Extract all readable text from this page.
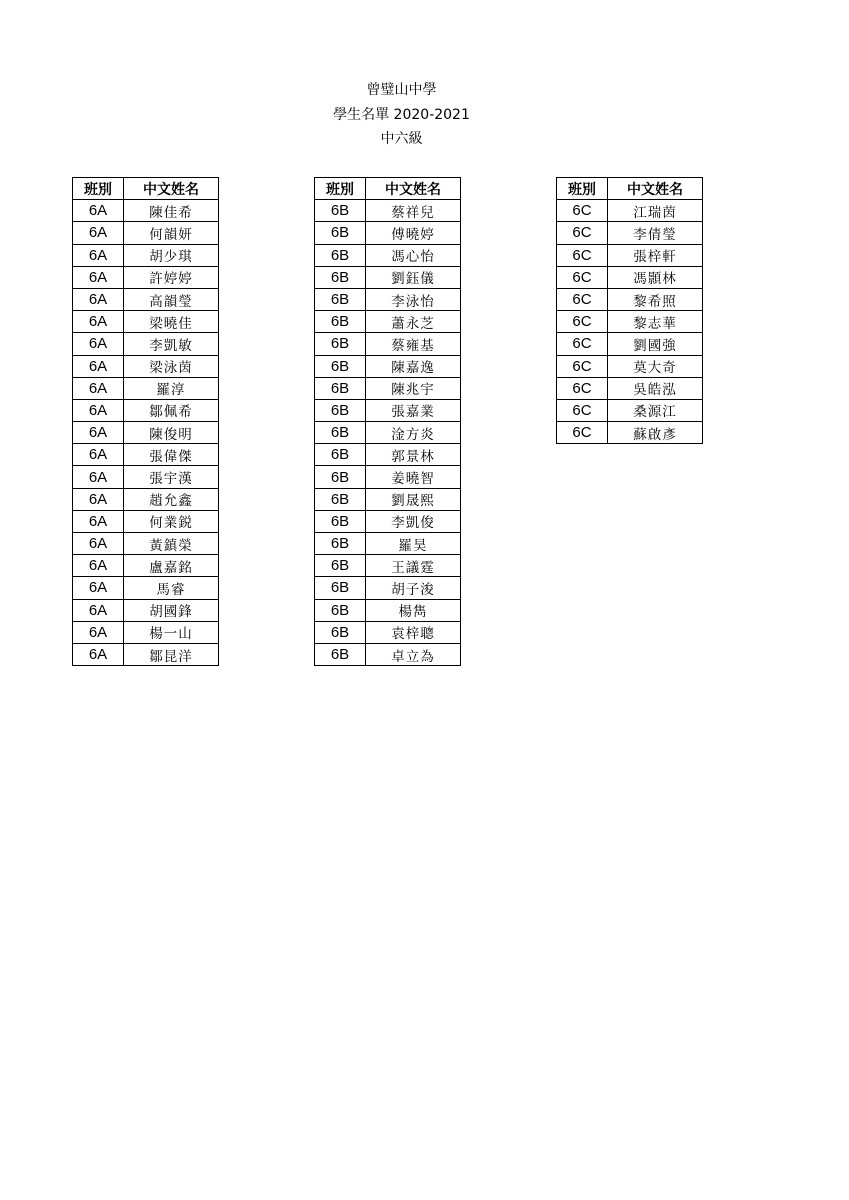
曾璧山中學
學生名單 2020-2021
中六級
班別	中文姓名
6A	陳佳希
6A	何韻妍
6A	胡少琪
6A	許婷婷
6A	高韻瑩
6A	梁曉佳
6A	李凱敏
6A	梁泳茵
6A	羅淳
6A	鄒佩希
6A	陳俊明
6A	張偉傑
6A	張宇漢
6A	趙允鑫
6A	何業鋭
6A	黃鎮榮
6A	盧嘉銘
6A	馬睿
6A	胡國鋒
6A	楊一山
6A	鄒昆洋
班別	中文姓名
6B	蔡祥兒
6B	傅曉婷
6B	馮心怡
6B	劉鈺儀
6B	李泳怡
6B	蕭永芝
6B	蔡雍基
6B	陳嘉逸
6B	陳兆宇
6B	張嘉業
6B	淦方炎
6B	郭景林
6B	姜曉智
6B	劉晟熙
6B	李凱俊
6B	羅昊
6B	王議霆
6B	胡子浚
6B	楊雋
6B	袁梓聰
6B	卓立為
班別	中文姓名
6C	江瑞茵
6C	李倩瑩
6C	張梓軒
6C	馮顥林
6C	黎希照
6C	黎志華
6C	劉國強
6C	莫大奇
6C	吳皓泓
6C	桑源江
6C	蘇啟彥
